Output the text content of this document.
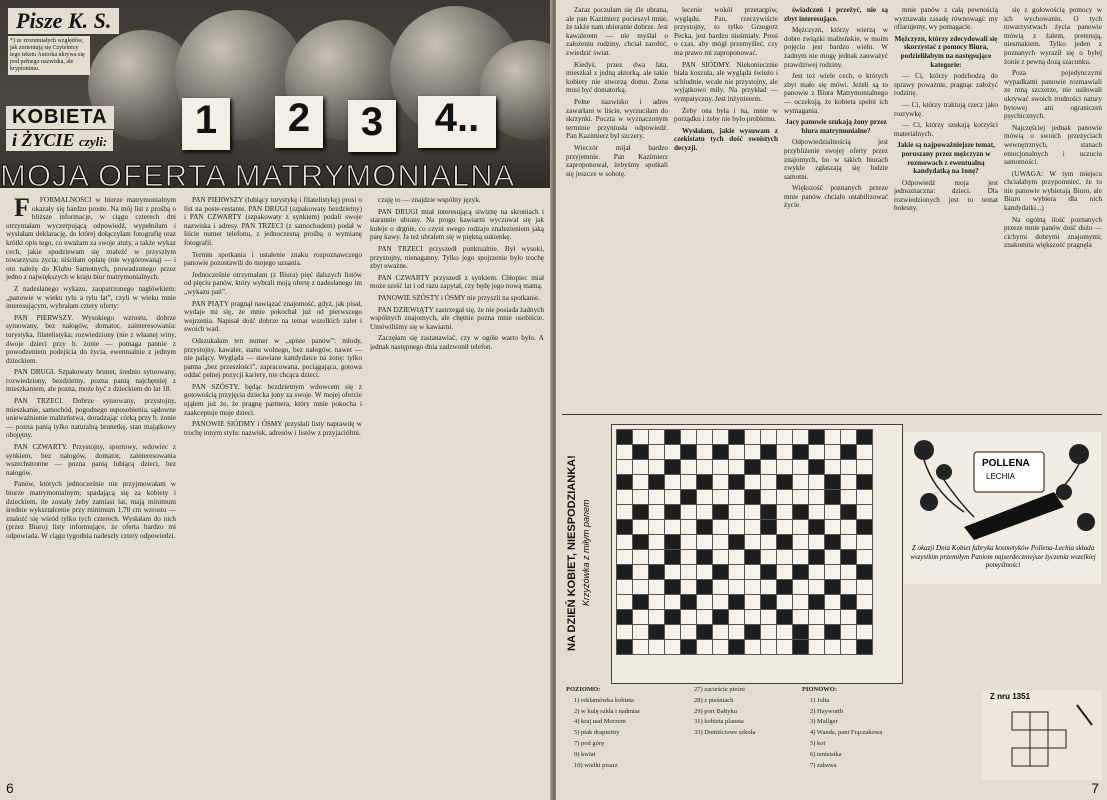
1	2	3	4..
Pisze K. S.
*) ze zrozumiałych względów, jak zorientują się Czytelnicy tego tekstu Autorka ukrywa się pod pełnego nazwiska, ale kryptonimu.
KOBIETA
i ŻYCIE czyli:
MOJA OFERTA MATRYMONIALNA

F FORMALNOŚCI w biurze matrymonialnym okazały się bardzo proste. Na mój list z prośbą o bliższe informacje, w ciągu czterech dni otrzymałam wyczerpującą odpowiedź, wypełniłam i wysłałam deklarację, do której dołączyłam fotografię oraz krótki opis tego, co uważam za swoje atuty, a także wykaz cech, jakie spodziewam się znaleźć w przyszłym towarzyszu życia; uiściłam opłatę (nie wygórowaną) — i oto należę do Klubu Samotnych, prowadzonego przez jedno z największych w kraju biur matrymonialnych.

Z nadesłanego wykazu, zaopatrzonego nagłówkiem: „panowie w wieku tylu a tylu lat”, czyli w wieku mnie interesującym, wybrałam cztery oferty:

PAN PIERWSZY. Wysokiego wzrostu, dobrze sytuowany, bez nałogów, domator, zainteresowania: turystyka, filatelistyka; rozwiedziony (nie z własnej winy, dwoje dzieci przy b. żonie — pomaga pannie z powodzeniem podejścia do życia, ewentualnie z jednym dzieckiem.

PAN DRUGI. Szpakowaty brunet, średnio sytuowany, rozwiedziony, bezdzietny, pozna panią najchętniej z mieszkaniem, ale pozna, może być z dzieckiem do lat 18.

PAN TRZECI. Dobrze sytuowany, przystojny, mieszkanie, samochód, pogodnego usposobienia, sądowne unieważnienie małżeństwa, doradzając córką przy b. żonie — pozna panią tylko naturalną brunetkę, stan majątkowy obojętny.

PAN CZWARTY. Przystojny, sportowy, wdowiec z synkiem, bez nałogów, domator, zainteresowania wszechstronne — pozna panią lubiącą dzieci, bez nałogów.

Panów, których jednocześnie nie przyjmowałam w biurze matrymonialnym; spadającą się za kobiety i dzieckiem, ile zostały żeby zamiast lat, mają minimum średnie wykształcenie przy minimum 1,70 cm wzrostu — znaleźć się wśród tylko tych czterech. Wysłałam do nich (przez Biuro) listy informujące, że oferta bardzo mi odpowiada. W ciągu tygodnia nadeszły cztery odpowiedzi.

PAN PIERWSZY (lubiący turystykę i filatelistykę) prosi o list na poste-restante. PAN DRUGI (szpakowaty bezdzietny) i PAN CZWARTY (szpakowaty z synkiem) podali swoje nazwiska i adresy. PAN TRZECI (z samochodem) podał w liście numer telefonu, z jednoczesną prośbą o wymianę fotografii.

Termin spotkania i ustalenie znaku rozpoznawczego panowie pozostawili do mojego uznania.

Jednocześnie otrzymałam (z Biura) pięć dalszych listów od pięciu panów, który wybrali moją ofertę z nadesłanego im „wykazu pań”.

PAN PIĄTY pragnął nawiązać znajomość, gdyż, jak pisał, wydaje mi się, że mnie pokochał już od pierwszego wejrzenia. Napisał dość dobrze na temat wszelkich zalet i swoich wad.

Odszukałam ten numer w „spisie panów”: młody, przystojny, kawaler, stanu wolnego, bez nałogów, nawet — nie palący. Wygląda — stawiane kandydatce na żonę: tylko panna „bez przeszłości”, zapracowana, pociągająca, gotowa oddać pełnej pozycji kariery, nie chcąca dzieci.

PAN SZÓSTY, będąc bezdzietnym wdowcem się z gotowością przyjęcia dziecka jony za swoje. W mojej ofercie ująłem już że, że pragnę partnera, który mnie pokocha i zaakceptuje moje dzieci.

PANOWIE SIÓDMY i ÓSMY przysłali listy naprawdę w trochę innym stylu: nazwisk, adresów i listów z przyjaciółmi.

czuję to — znajdzie wspólny język.

PAN DRUGI miał interesującą siwiznę na skroniach i starannie ubrany. Na progu kawiarni wyczuwał się jak kuleje o drgnie, co czyni swego rodzaju znalezieniem jaką parę kawy. Ja też ubrałem się w piękną sukienkę.

PAN TRZECI przyszedł punktualnie. Był wysoki, przystojny, nienaganny. Tylko jego spojrzenie było trochę zbyt uważne.

PAN CZWARTY przyszedł z synkiem. Chłopiec miał może sześć lat i od razu zapytał, czy będę jego nową mamą.

PANOWIE SZÓSTY i ÓSMY nie przyszli na spotkanie.

PAN DZIEWIĄTY zastrzegał się, że nie posiada żadnych wspólnych znajomych, ale chętnie pozna mnie osobiście. Umówiliśmy się w kawiarni.

Zaczęłam się zastanawiać, czy w ogóle warto było. A jednak następnego dnia zadzwonił telefon.

6

Zaraz poczułam się źle ubrana, ale pan Kazimierz pocieszył mnie, że także nam ubieranie dobrze. Jest kawalerem — nie myślał o założeniu rodziny, chciał zarobić, zwiedzić świat.

Kiedyś, przez dwa lata, mieszkał z jedną aktorką, ale takie kobiety nie stworzą domu. Żona musi być domatorką.

Pełne nazwisko i adres zawarłam w liście, wyrzuciłam do skrzynki. Poczta w wyznaczonym terminie przyniosła odpowiedź. Pan Kazimierz był szczery.

Wieczór mijał bardzo przyjemnie. Pan Kazimierz zaproponował, żebyśmy spotkali się jeszcze w sobotę.

lecenie wokół przetargów, wyglądu. Pan, rzeczywiście przystojny, to tylko Grzegorz Pecka, jest bardzo nieśmiały. Prosi o czas, aby mógł przemyśleć, czy ma prawo mi zaproponować.

PAN SIÓDMY. Niekoniecznie biała koszula, ale wygląda świeżo i schludnie, wcale nie przystojny, ale wyjątkowo miły. Na przykład — sympatyczny. Jest inżynierem.

Żeby ona była i na, mnie w porządku i żeby nie było problemu.

Wysłałam, jakie wysuwam z czekistatu tych dość swoistych decyzji.

świadczeń i przeżyć, nie są zbyt interesujące.

Mężczyzn, którzy wierzą w dobre związki małżeńskie, w moim pojęciu jest bardzo wielu. W żadnym nie mogę jednak zauważyć prawdziwej rodziny.

Jest też wiele cech, o których zbyt mało się mówi. Jeżeli są to panowie z Biura Matrymonialnego — oczekują, że kobieta spełni ich wymagania.

Jacy panowie szukają żony przez biura matrymonialne?

Odpowiedzialnością jest przybliżenie swojej oferty przez znajomych, bo w takich biurach zwykle zgłaszają się ludzie samotni.

Większość poznanych przeze mnie panów chciało ustabilizować życie.

mnie panów z całą pewnością wyznawała zasadę równowagi: my ofiarujemy, wy pomagacie.

Mężczyzn, którzy zdecydowali się skorzystać z pomocy Biura, podzieliłabym na następujące kategorie:

— Ci, którzy podchodzą do sprawy poważnie, pragnąc założyć rodzinę.

— Ci, którzy traktują rzecz jako rozrywkę.

— Ci, którzy szukają korzyści materialnych.

Jakie są najpoważniejsze temat, poruszany przez mężczyzn w rozmowach z ewentualną kandydatką na żonę?

Odpowiedź moja jest jednoznaczna: dzieci. Dla rozwiedzionych jest to temat bolesny.

się z gołowością pomocy w ich wychowaniu. O tych towarzystwach życia panowie mówią z żalem, pretensją, niesmakiem. Tylko jeden z poznanych wyraził się o byłej żonie z pewną dozą szacunku.

Poza pojedynczymi wypadkami panowie rozmawiali ze mną szczerze, nie usiłowali ukrywać swoich trudności natury bytowej ani ograniczeń psychicznych.

Najczęściej jednak panowie mówią o swoich przeżyciach wewnętrznych, stanach emocjonalnych i uczuciu samotności.

(UWAGA: W tym miejscu chciałabym przypomnieć, że to nie panowie wybierają Biuro, ale Biuro wybiera dla nich kandydatki...)

Na ogólną ilość poznanych przeze mnie panów dość dużo — cichymi dobrymi znajomymi; znakomita większość pragnęła

NA DZIEŃ KOBIET, NIESPODZIANKA! Krzyżówka z miłym panem

POZIOMO:

1) reklamówka kobieta

2) w kulę szkła i nadmiar

4) kraj nad Morzem

5) ptak drapieżny

7) pod górę

9) kwiat

10) wielki pisarz

27) zacieście pieśni

28) z pieśniach

29) port Bałtyku

31) kobieta planeta

33) Domiściowe szkoła

PIONOWO:

1) Julia

2) Hayworth

3) Mallger

4) Wanda, pani Frączakowa

5) kot

6) tenisistka

7) zabawa

POLLENA
LECHIA
Z okazji Dnia Kobiet fabryka kosmetyków Pollena-Lechia składa wszystkim przemiłym Paniom najserdeczniejsze życzenia wszelkiej pomyślności
Z nru 1351
7
